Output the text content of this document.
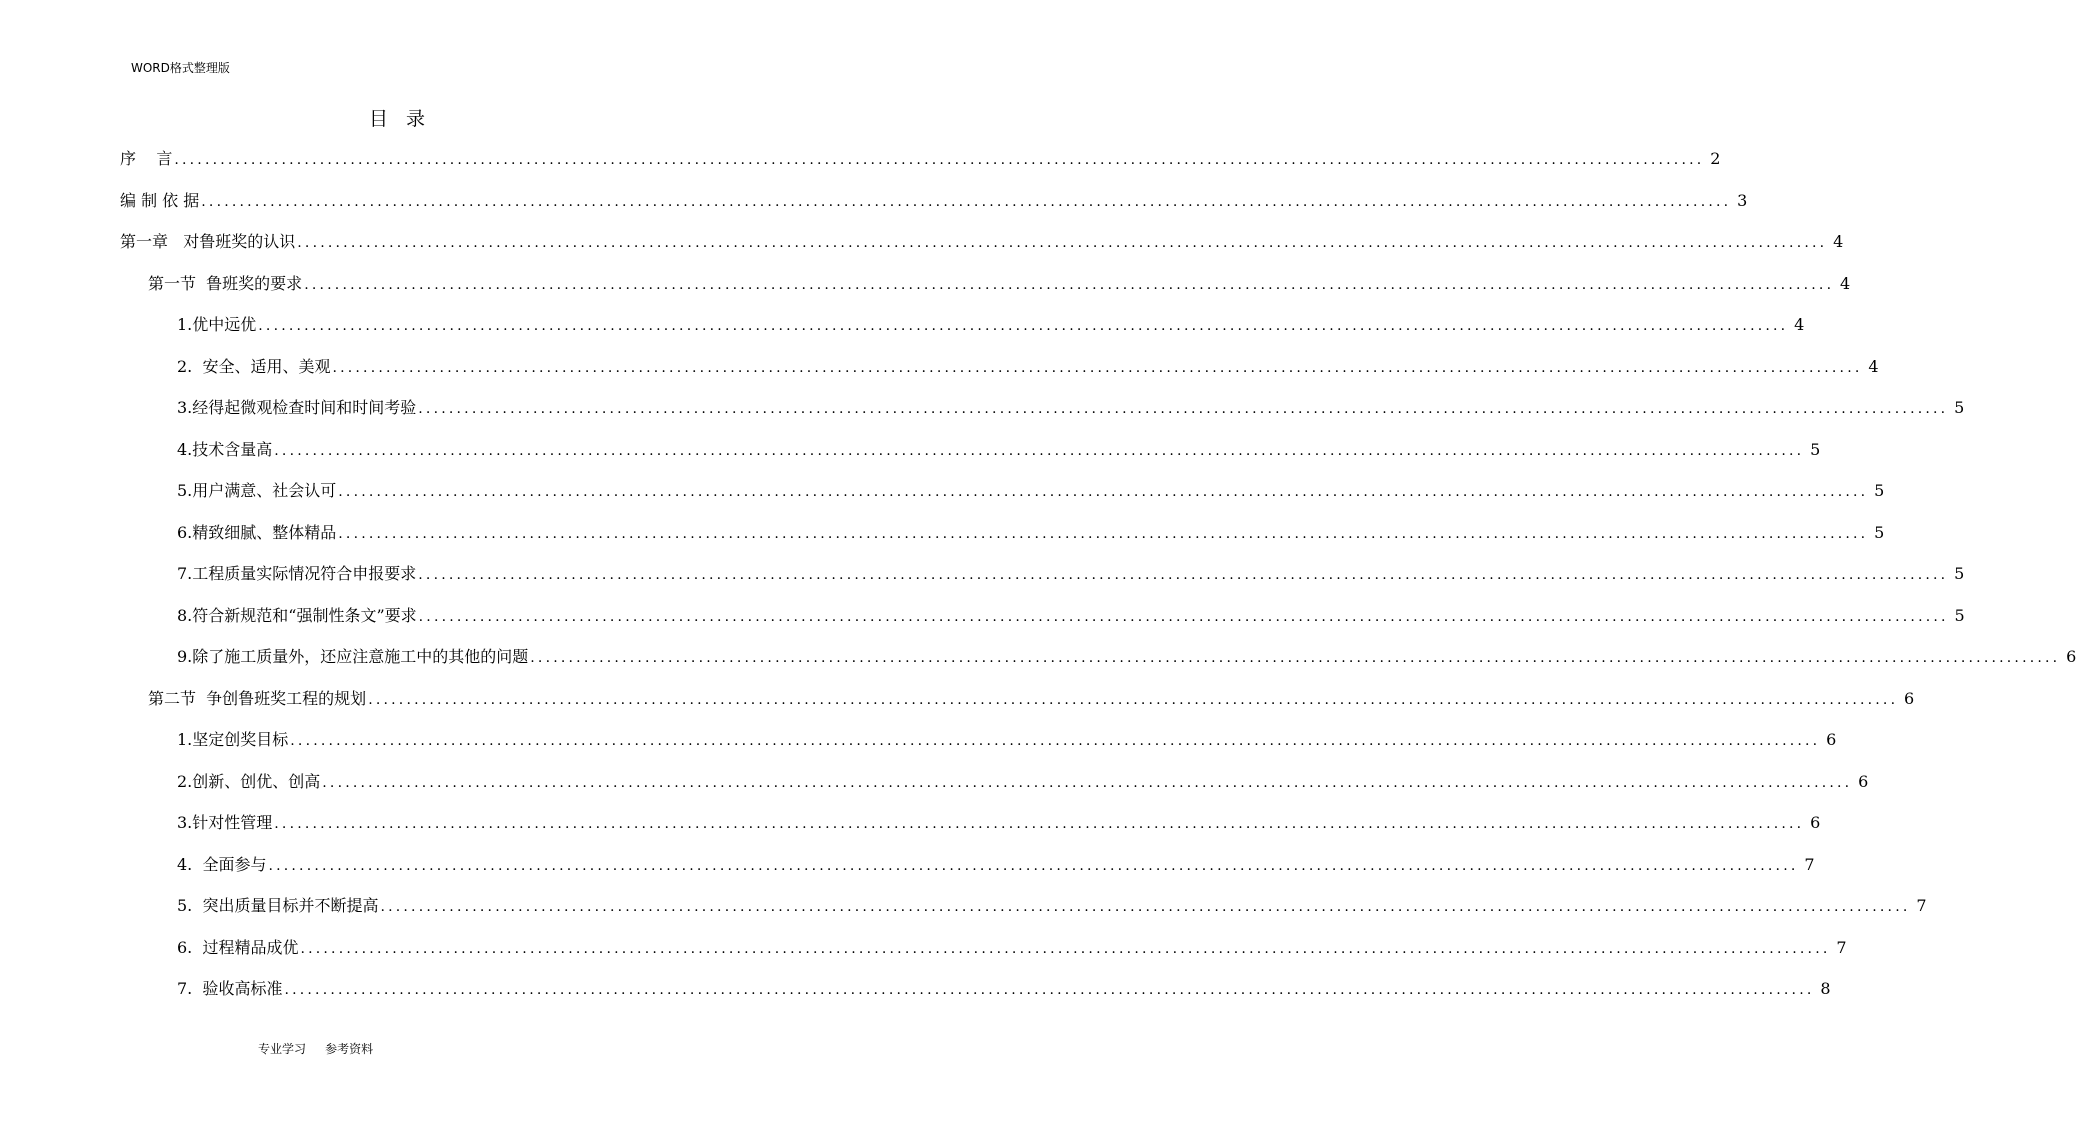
WORD格式整理版
目 录
序    言 ........................................................................................................................................................................................................ 2
编 制 依 据 ........................................................................................................................................................................................................ 3
第一章   对鲁班奖的认识 ........................................................................................................................................................................................................ 4
第一节  鲁班奖的要求 ........................................................................................................................................................................................................ 4
1.优中远优 ........................................................................................................................................................................................................ 4
2.  安全、适用、美观 ........................................................................................................................................................................................................ 4
3.经得起微观检查时间和时间考验 ........................................................................................................................................................................................................ 5
4.技术含量高 ........................................................................................................................................................................................................ 5
5.用户满意、社会认可 ........................................................................................................................................................................................................ 5
6.精致细腻、整体精品 ........................................................................................................................................................................................................ 5
7.工程质量实际情况符合申报要求 ........................................................................................................................................................................................................ 5
8.符合新规范和“强制性条文”要求 ........................................................................................................................................................................................................ 5
9.除了施工质量外，还应注意施工中的其他的问题 ........................................................................................................................................................................................................ 6
第二节  争创鲁班奖工程的规划 ........................................................................................................................................................................................................ 6
1.坚定创奖目标 ........................................................................................................................................................................................................ 6
2.创新、创优、创高 ........................................................................................................................................................................................................ 6
3.针对性管理 ........................................................................................................................................................................................................ 6
4.  全面参与 ........................................................................................................................................................................................................ 7
5.  突出质量目标并不断提高 ........................................................................................................................................................................................................ 7
6.  过程精品成优 ........................................................................................................................................................................................................ 7
7.  验收高标准 ........................................................................................................................................................................................................ 8
专业学习     参考资料
